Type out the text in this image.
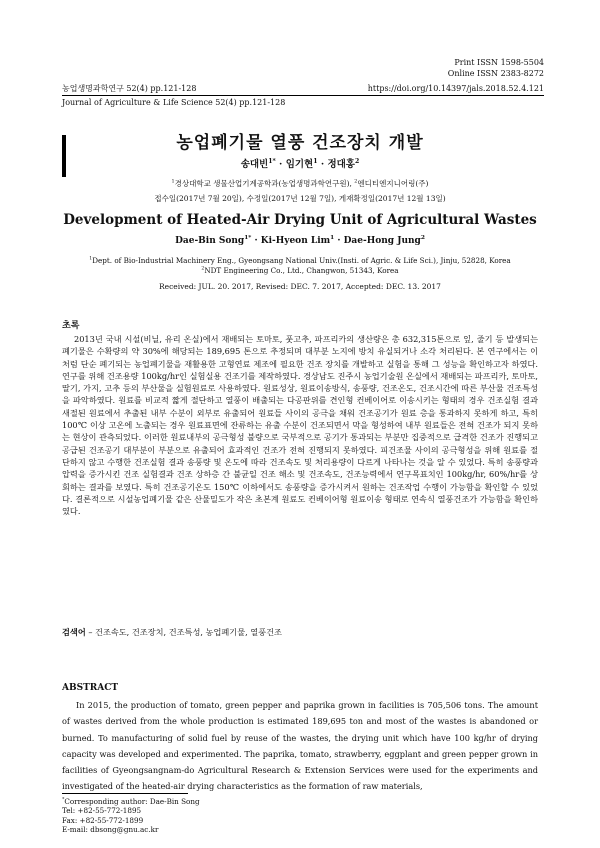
Print ISSN 1598-5504
Online ISSN 2383-8272
농업생명과학연구 52(4) pp.121-128	https://doi.org/10.14397/jals.2018.52.4.121
Journal of Agriculture & Life Science 52(4) pp.121-128
농업폐기물 열풍 건조장치 개발
송대빈$^{1*}$ · 임기현$^1$ · 정대홍$^2$
$^1$경상대학교 생물산업기계공학과(농업생명과학연구원), $^2$엔디티엔지니어링(주)
접수일(2017년 7월 20일), 수정일(2017년 12월 7일), 게재확정일(2017년 12월 13일)
Development of Heated-Air Drying Unit of Agricultural Wastes
Dae-Bin Song$^{1*}$ · Ki-Hyeon Lim$^1$ · Dae-Hong Jung$^2$
$^1$Dept. of Bio-Industrial Machinery Eng., Gyeongsang National Univ.(Insti. of Agric. & Life Sci.), Jinju, 52828, Korea
$^2$NDT Engineering Co., Ltd., Changwon, 51343, Korea
Received: JUL. 20. 2017, Revised: DEC. 7. 2017, Accepted: DEC. 13. 2017
초록

2013년 국내 시설(비닐, 유리 온실)에서 재배되는 토마토, 풋고추, 파프리카의 생산량은 총 632,315톤으로 잎, 줄기 등 발생되는 폐기물은 수확량의 약 30%에 해당되는 189,695 톤으로 추정되며 대부분 노지에 방치 유실되거나 소각 처리된다. 본 연구에서는 이 처럼 단순 폐기되는 농업폐기물을 재활용한 고형연료 제조에 필요한 건조 장치를 개발하고 실험을 통해 그 성능을 확인하고자 하였다. 연구를 위해 건조용량 100kg/hr인 실험실용 건조기를 제작하였다. 경상남도 진주시 농업기술원 온실에서 재배되는 파프리카, 토마토, 딸기, 가지, 고추 등의 부산물을 실험원료로 사용하였다. 원료성상, 원료이송방식, 송풍량, 건조온도, 건조시간에 따른 부산물 건조특성을 파악하였다. 원료를 비교적 짧게 절단하고 열풍이 배출되는 다공판위를 견인형 컨베이어로 이송시키는 형태의 경우 건조실험 결과 새절된 원료에서 추출된 내부 수분이 외부로 유출되어 원료들 사이의 공극을 채워 건조공기가 원료 층을 통과하지 못하게 하고, 특히 100℃ 이상 고온에 노출되는 경우 원료표면에 잔류하는 유출 수분이 건조되면서 막을 형성하여 내부 원료들은 전혀 건조가 되지 못하는 현상이 관측되었다. 이러한 원료내부의 공극형성 불량으로 국부적으로 공기가 통과되는 부분만 집중적으로 급격한 건조가 진행되고 공급된 건조공기 대부분이 부분으로 유출되어 효과적인 건조가 전혀 진행되지 못하였다. 피건조물 사이의 공극형성을 위해 원료를 절단하지 않고 수행한 건조실험 결과 송풍량 및 온도에 따라 건조속도 및 처리용량이 다르게 나타나는 것을 알 수 있었다. 특히 송풍량과 압력을 증가시킨 건조 실험결과 건조 상하층 간 불균일 건조 해소 및 건조속도, 건조능력에서 연구목표치인 100kg/hr, 60%/hr를 상회하는 결과를 보였다. 특히 건조공기온도 150℃ 이하에서도 송풍량을 증가시켜서 원하는 건조작업 수행이 가능함을 확인할 수 있었다. 결론적으로 시설농업폐기물 같은 산물밀도가 작은 초본계 원료도 컨베이어형 원료이송 형태로 연속식 열풍건조가 가능함을 확인하였다.

검색어 – 건조속도, 건조장치, 건조특성, 농업폐기물, 열풍건조
ABSTRACT

In 2015, the production of tomato, green pepper and paprika grown in facilities is 705,506 tons. The amount of wastes derived from the whole production is estimated 189,695 ton and most of the wastes is abandoned or burned. To manufacturing of solid fuel by reuse of the wastes, the drying unit which have 100 kg/hr of drying capacity was developed and experimented. The paprika, tomato, strawberry, eggplant and green pepper grown in facilities of Gyeongsangnam-do Agricultural Research & Extension Services were used for the experiments and investigated of the heated-air drying characteristics as the formation of raw materials,

*Corresponding author: Dae-Bin Song
Tel: +82-55-772-1895
Fax: +82-55-772-1899
E-mail: dbsong@gnu.ac.kr
